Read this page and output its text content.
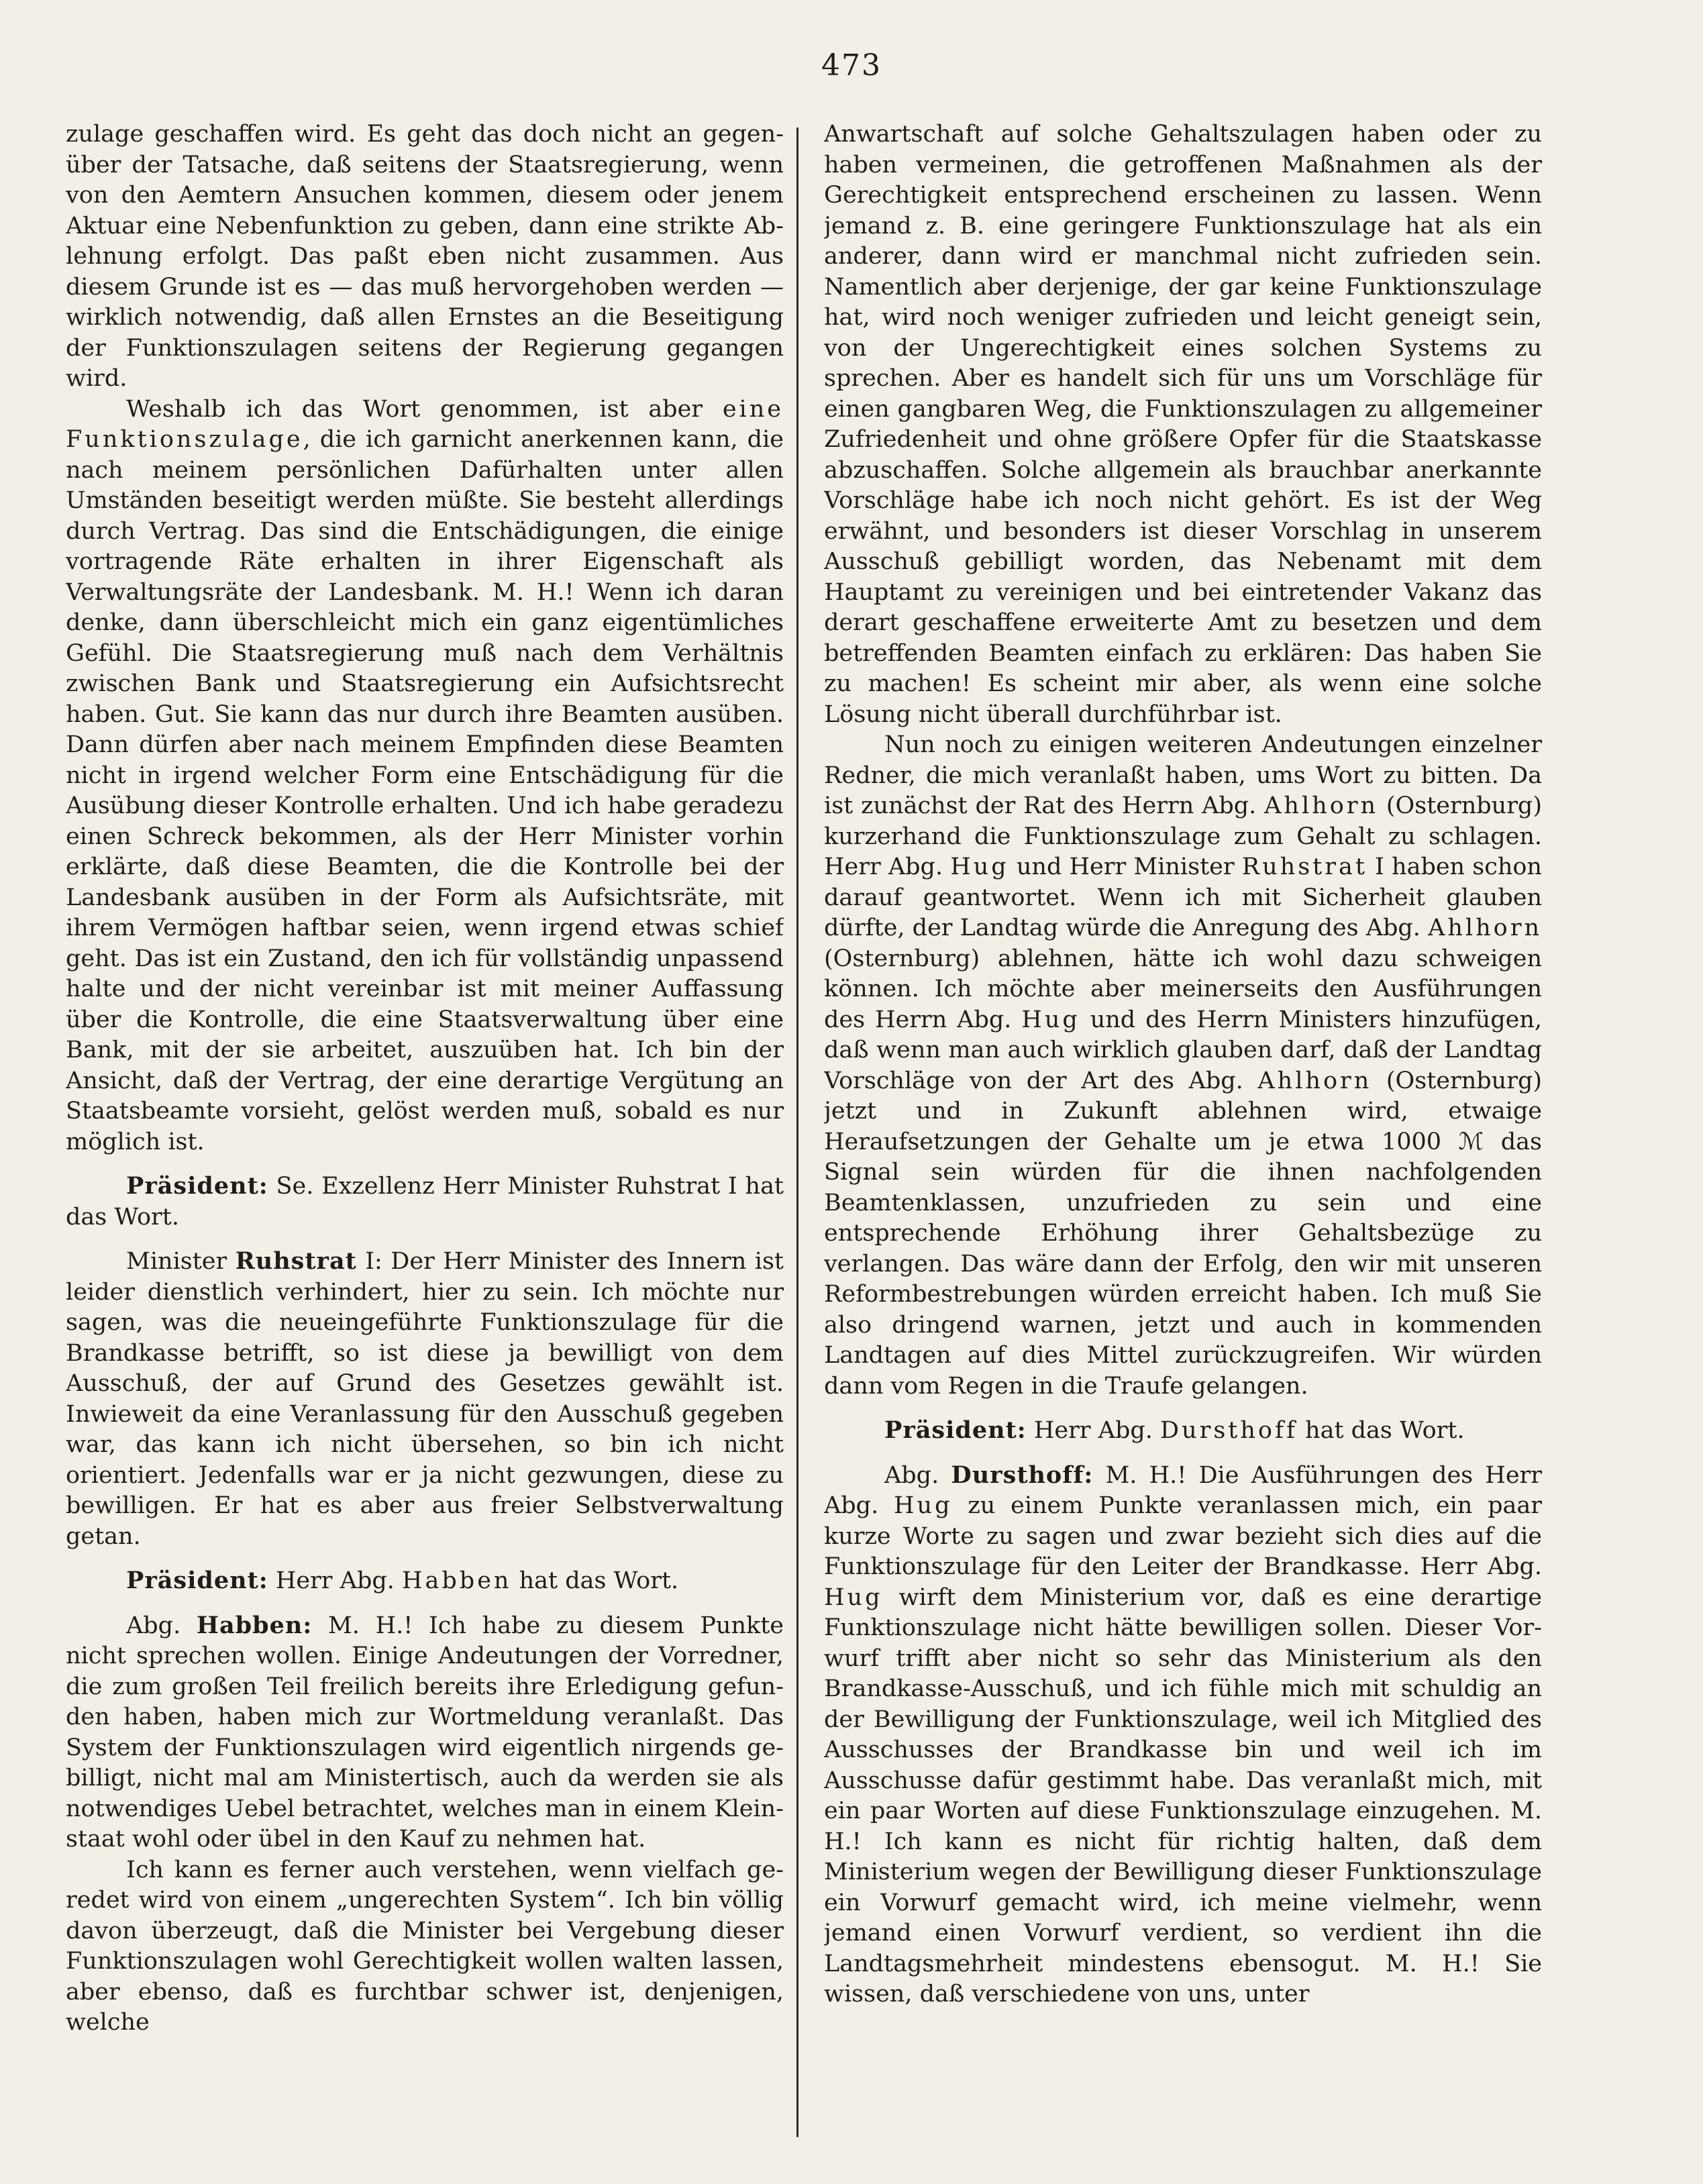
473

zulage geschaffen wird. Es geht das doch nicht an gegenüber der Tatsache, daß seitens der Staatsregierung, wenn von den Aemtern Ansuchen kommen, diesem oder jenem Aktuar eine Nebenfunktion zu geben, dann eine strikte Ablehnung erfolgt. Das paßt eben nicht zusammen. Aus diesem Grunde ist es — das muß hervorgehoben werden — wirklich notwendig, daß allen Ernstes an die Beseitigung der Funktionszulagen seitens der Regierung gegangen wird.

Weshalb ich das Wort genommen, ist aber eine Funktionszulage, die ich garnicht anerkennen kann, die nach meinem persönlichen Dafürhalten unter allen Umständen beseitigt werden müßte. Sie besteht allerdings durch Vertrag. Das sind die Entschädigungen, die einige vortragende Räte erhalten in ihrer Eigenschaft als Verwaltungsräte der Landesbank. M. H.! Wenn ich daran denke, dann überschleicht mich ein ganz eigentümliches Gefühl. Die Staatsregierung muß nach dem Verhältnis zwischen Bank und Staatsregierung ein Aufsichtsrecht haben. Gut. Sie kann das nur durch ihre Beamten ausüben. Dann dürfen aber nach meinem Empfinden diese Beamten nicht in irgend welcher Form eine Entschädigung für die Ausübung dieser Kontrolle erhalten. Und ich habe geradezu einen Schreck bekommen, als der Herr Minister vorhin erklärte, daß diese Beamten, die die Kontrolle bei der Landesbank ausüben in der Form als Aufsichtsräte, mit ihrem Vermögen haftbar seien, wenn irgend etwas schief geht. Das ist ein Zustand, den ich für vollständig unpassend halte und der nicht vereinbar ist mit meiner Auffassung über die Kontrolle, die eine Staatsverwaltung über eine Bank, mit der sie arbeitet, auszuüben hat. Ich bin der Ansicht, daß der Vertrag, der eine derartige Vergütung an Staatsbeamte vorsieht, gelöst werden muß, sobald es nur möglich ist.

Präsident: Se. Exzellenz Herr Minister Ruhstrat I hat das Wort.

Minister Ruhstrat I: Der Herr Minister des Innern ist leider dienstlich verhindert, hier zu sein. Ich möchte nur sagen, was die neueingeführte Funktionszulage für die Brandkasse betrifft, so ist diese ja bewilligt von dem Ausschuß, der auf Grund des Gesetzes gewählt ist. Inwieweit da eine Veranlassung für den Ausschuß gegeben war, das kann ich nicht übersehen, so bin ich nicht orientiert. Jedenfalls war er ja nicht gezwungen, diese zu bewilligen. Er hat es aber aus freier Selbstverwaltung getan.

Präsident: Herr Abg. Habben hat das Wort.

Abg. Habben: M. H.! Ich habe zu diesem Punkte nicht sprechen wollen. Einige Andeutungen der Vorredner, die zum großen Teil freilich bereits ihre Erledigung gefunden haben, haben mich zur Wortmeldung veranlaßt. Das System der Funktionszulagen wird eigentlich nirgends gebilligt, nicht mal am Ministertisch, auch da werden sie als notwendiges Uebel betrachtet, welches man in einem Kleinstaat wohl oder übel in den Kauf zu nehmen hat.

Ich kann es ferner auch verstehen, wenn vielfach geredet wird von einem „ungerechten System“. Ich bin völlig davon überzeugt, daß die Minister bei Vergebung dieser Funktionszulagen wohl Gerechtigkeit wollen walten lassen, aber ebenso, daß es furchtbar schwer ist, denjenigen, welche

Anwartschaft auf solche Gehaltszulagen haben oder zu haben vermeinen, die getroffenen Maßnahmen als der Gerechtigkeit entsprechend erscheinen zu lassen. Wenn jemand z. B. eine geringere Funktionszulage hat als ein anderer, dann wird er manchmal nicht zufrieden sein. Namentlich aber derjenige, der gar keine Funktionszulage hat, wird noch weniger zufrieden und leicht geneigt sein, von der Ungerechtigkeit eines solchen Systems zu sprechen. Aber es handelt sich für uns um Vorschläge für einen gangbaren Weg, die Funktionszulagen zu allgemeiner Zufriedenheit und ohne größere Opfer für die Staatskasse abzuschaffen. Solche allgemein als brauchbar anerkannte Vorschläge habe ich noch nicht gehört. Es ist der Weg erwähnt, und besonders ist dieser Vorschlag in unserem Ausschuß gebilligt worden, das Nebenamt mit dem Hauptamt zu vereinigen und bei eintretender Vakanz das derart geschaffene erweiterte Amt zu besetzen und dem betreffenden Beamten einfach zu erklären: Das haben Sie zu machen! Es scheint mir aber, als wenn eine solche Lösung nicht überall durchführbar ist.

Nun noch zu einigen weiteren Andeutungen einzelner Redner, die mich veranlaßt haben, ums Wort zu bitten. Da ist zunächst der Rat des Herrn Abg. Ahlhorn (Osternburg) kurzerhand die Funktionszulage zum Gehalt zu schlagen. Herr Abg. Hug und Herr Minister Ruhstrat I haben schon darauf geantwortet. Wenn ich mit Sicherheit glauben dürfte, der Landtag würde die Anregung des Abg. Ahlhorn (Osternburg) ablehnen, hätte ich wohl dazu schweigen können. Ich möchte aber meinerseits den Ausführungen des Herrn Abg. Hug und des Herrn Ministers hinzufügen, daß wenn man auch wirklich glauben darf, daß der Landtag Vorschläge von der Art des Abg. Ahlhorn (Osternburg) jetzt und in Zukunft ablehnen wird, etwaige Heraufsetzungen der Gehalte um je etwa 1000 ℳ das Signal sein würden für die ihnen nachfolgenden Beamtenklassen, unzufrieden zu sein und eine entsprechende Erhöhung ihrer Gehaltsbezüge zu verlangen. Das wäre dann der Erfolg, den wir mit unseren Reformbestrebungen würden erreicht haben. Ich muß Sie also dringend warnen, jetzt und auch in kommenden Landtagen auf dies Mittel zurückzugreifen. Wir würden dann vom Regen in die Traufe gelangen.

Präsident: Herr Abg. Dursthoff hat das Wort.

Abg. Dursthoff: M. H.! Die Ausführungen des Herr Abg. Hug zu einem Punkte veranlassen mich, ein paar kurze Worte zu sagen und zwar bezieht sich dies auf die Funktionszulage für den Leiter der Brandkasse. Herr Abg. Hug wirft dem Ministerium vor, daß es eine derartige Funktionszulage nicht hätte bewilligen sollen. Dieser Vorwurf trifft aber nicht so sehr das Ministerium als den Brandkasse-Ausschuß, und ich fühle mich mit schuldig an der Bewilligung der Funktionszulage, weil ich Mitglied des Ausschusses der Brandkasse bin und weil ich im Ausschusse dafür gestimmt habe. Das veranlaßt mich, mit ein paar Worten auf diese Funktionszulage einzugehen. M. H.! Ich kann es nicht für richtig halten, daß dem Ministerium wegen der Bewilligung dieser Funktionszulage ein Vorwurf gemacht wird, ich meine vielmehr, wenn jemand einen Vorwurf verdient, so verdient ihn die Landtagsmehrheit mindestens ebensogut. M. H.! Sie wissen, daß verschiedene von uns, unter
